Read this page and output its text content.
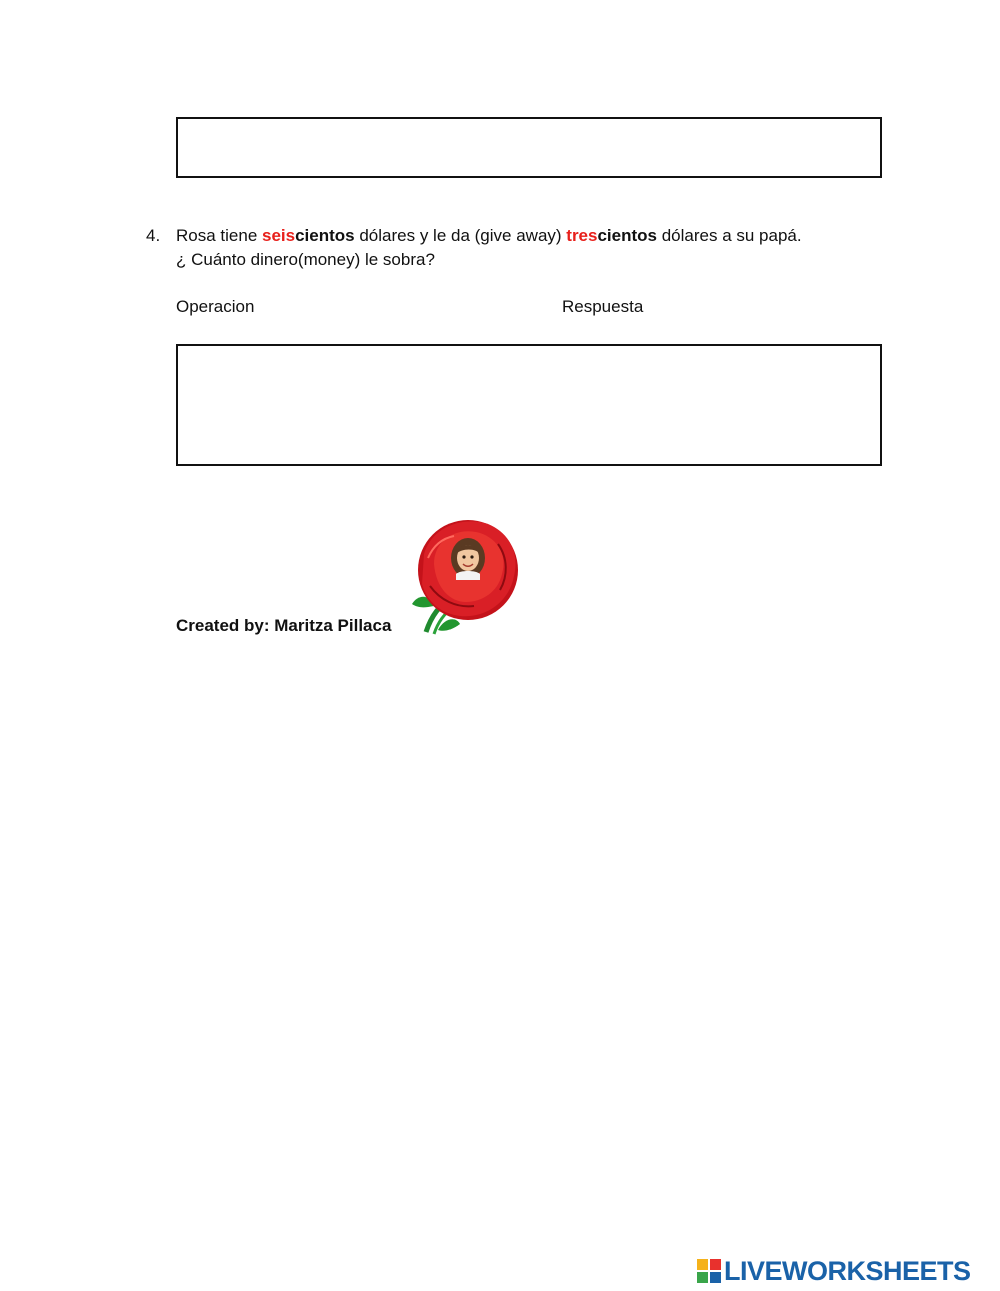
4. Rosa tiene seiscientos dólares y le da (give away) trescientos dólares a su papá.
¿ Cuánto dinero(money) le sobra?
Operacion	Respuesta
Created by: Maritza Pillaca
LIVEWORKSHEETS
